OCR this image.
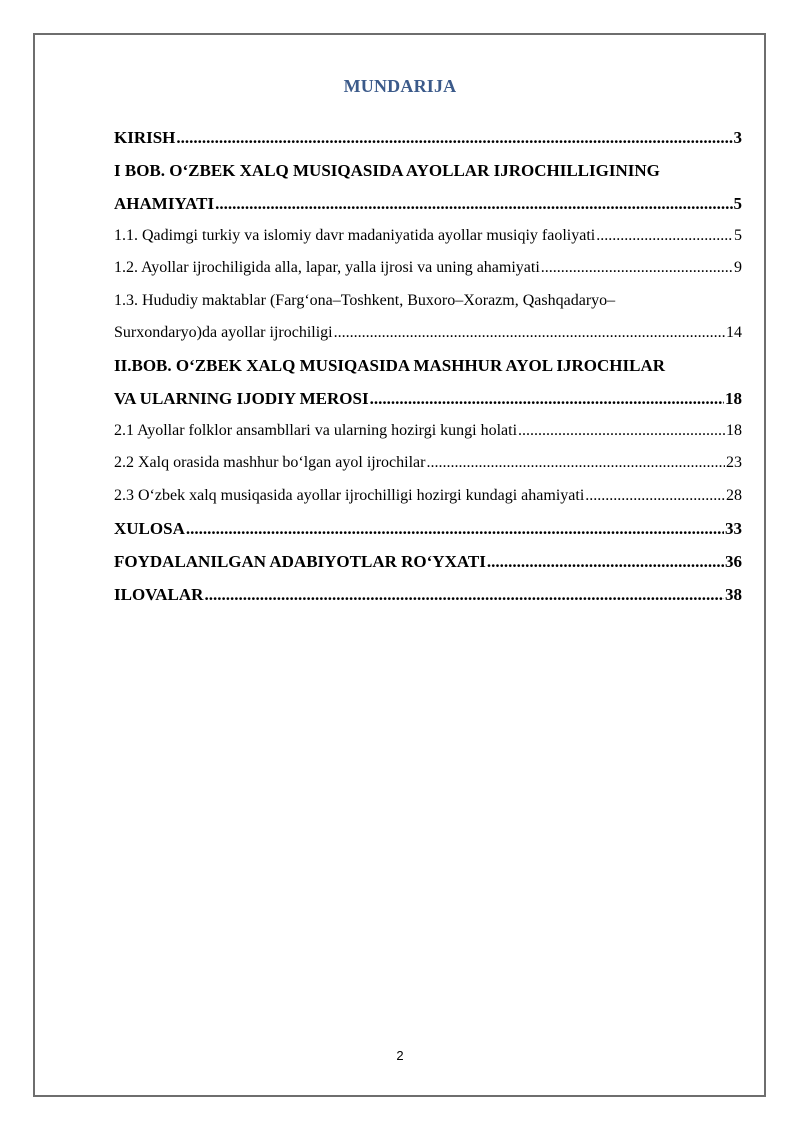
MUNDARIJA
KIRISH .....	3
I BOB. O‘ZBEK XALQ MUSIQASIDA AYOLLAR IJROCHILLIGINING
AHAMIYATI .....	5
1.1. Qadimgi turkiy va islomiy davr madaniyatida ayollar musiqiy faoliyati .....	5
1.2. Ayollar ijrochiligida alla, lapar, yalla ijrosi va uning ahamiyati .....	9
1.3. Hududiy maktablar (Farg‘ona–Toshkent, Buxoro–Xorazm, Qashqadaryo–
Surxondaryo)da ayollar ijrochiligi .....	14
II.BOB. O‘ZBEK XALQ MUSIQASIDA MASHHUR AYOL IJROCHILAR
VA ULARNING IJODIY MEROSI .....	18
2.1 Ayollar folklor ansambllari va ularning hozirgi kungi holati .....	18
2.2 Xalq orasida mashhur bo‘lgan ayol ijrochilar .....	23
2.3 O‘zbek xalq musiqasida ayollar ijrochilligi hozirgi kundagi ahamiyati .....	28
XULOSA .....	33
FOYDALANILGAN ADABIYOTLAR RO‘YXATI .....	36
ILOVALAR .....	38
2
